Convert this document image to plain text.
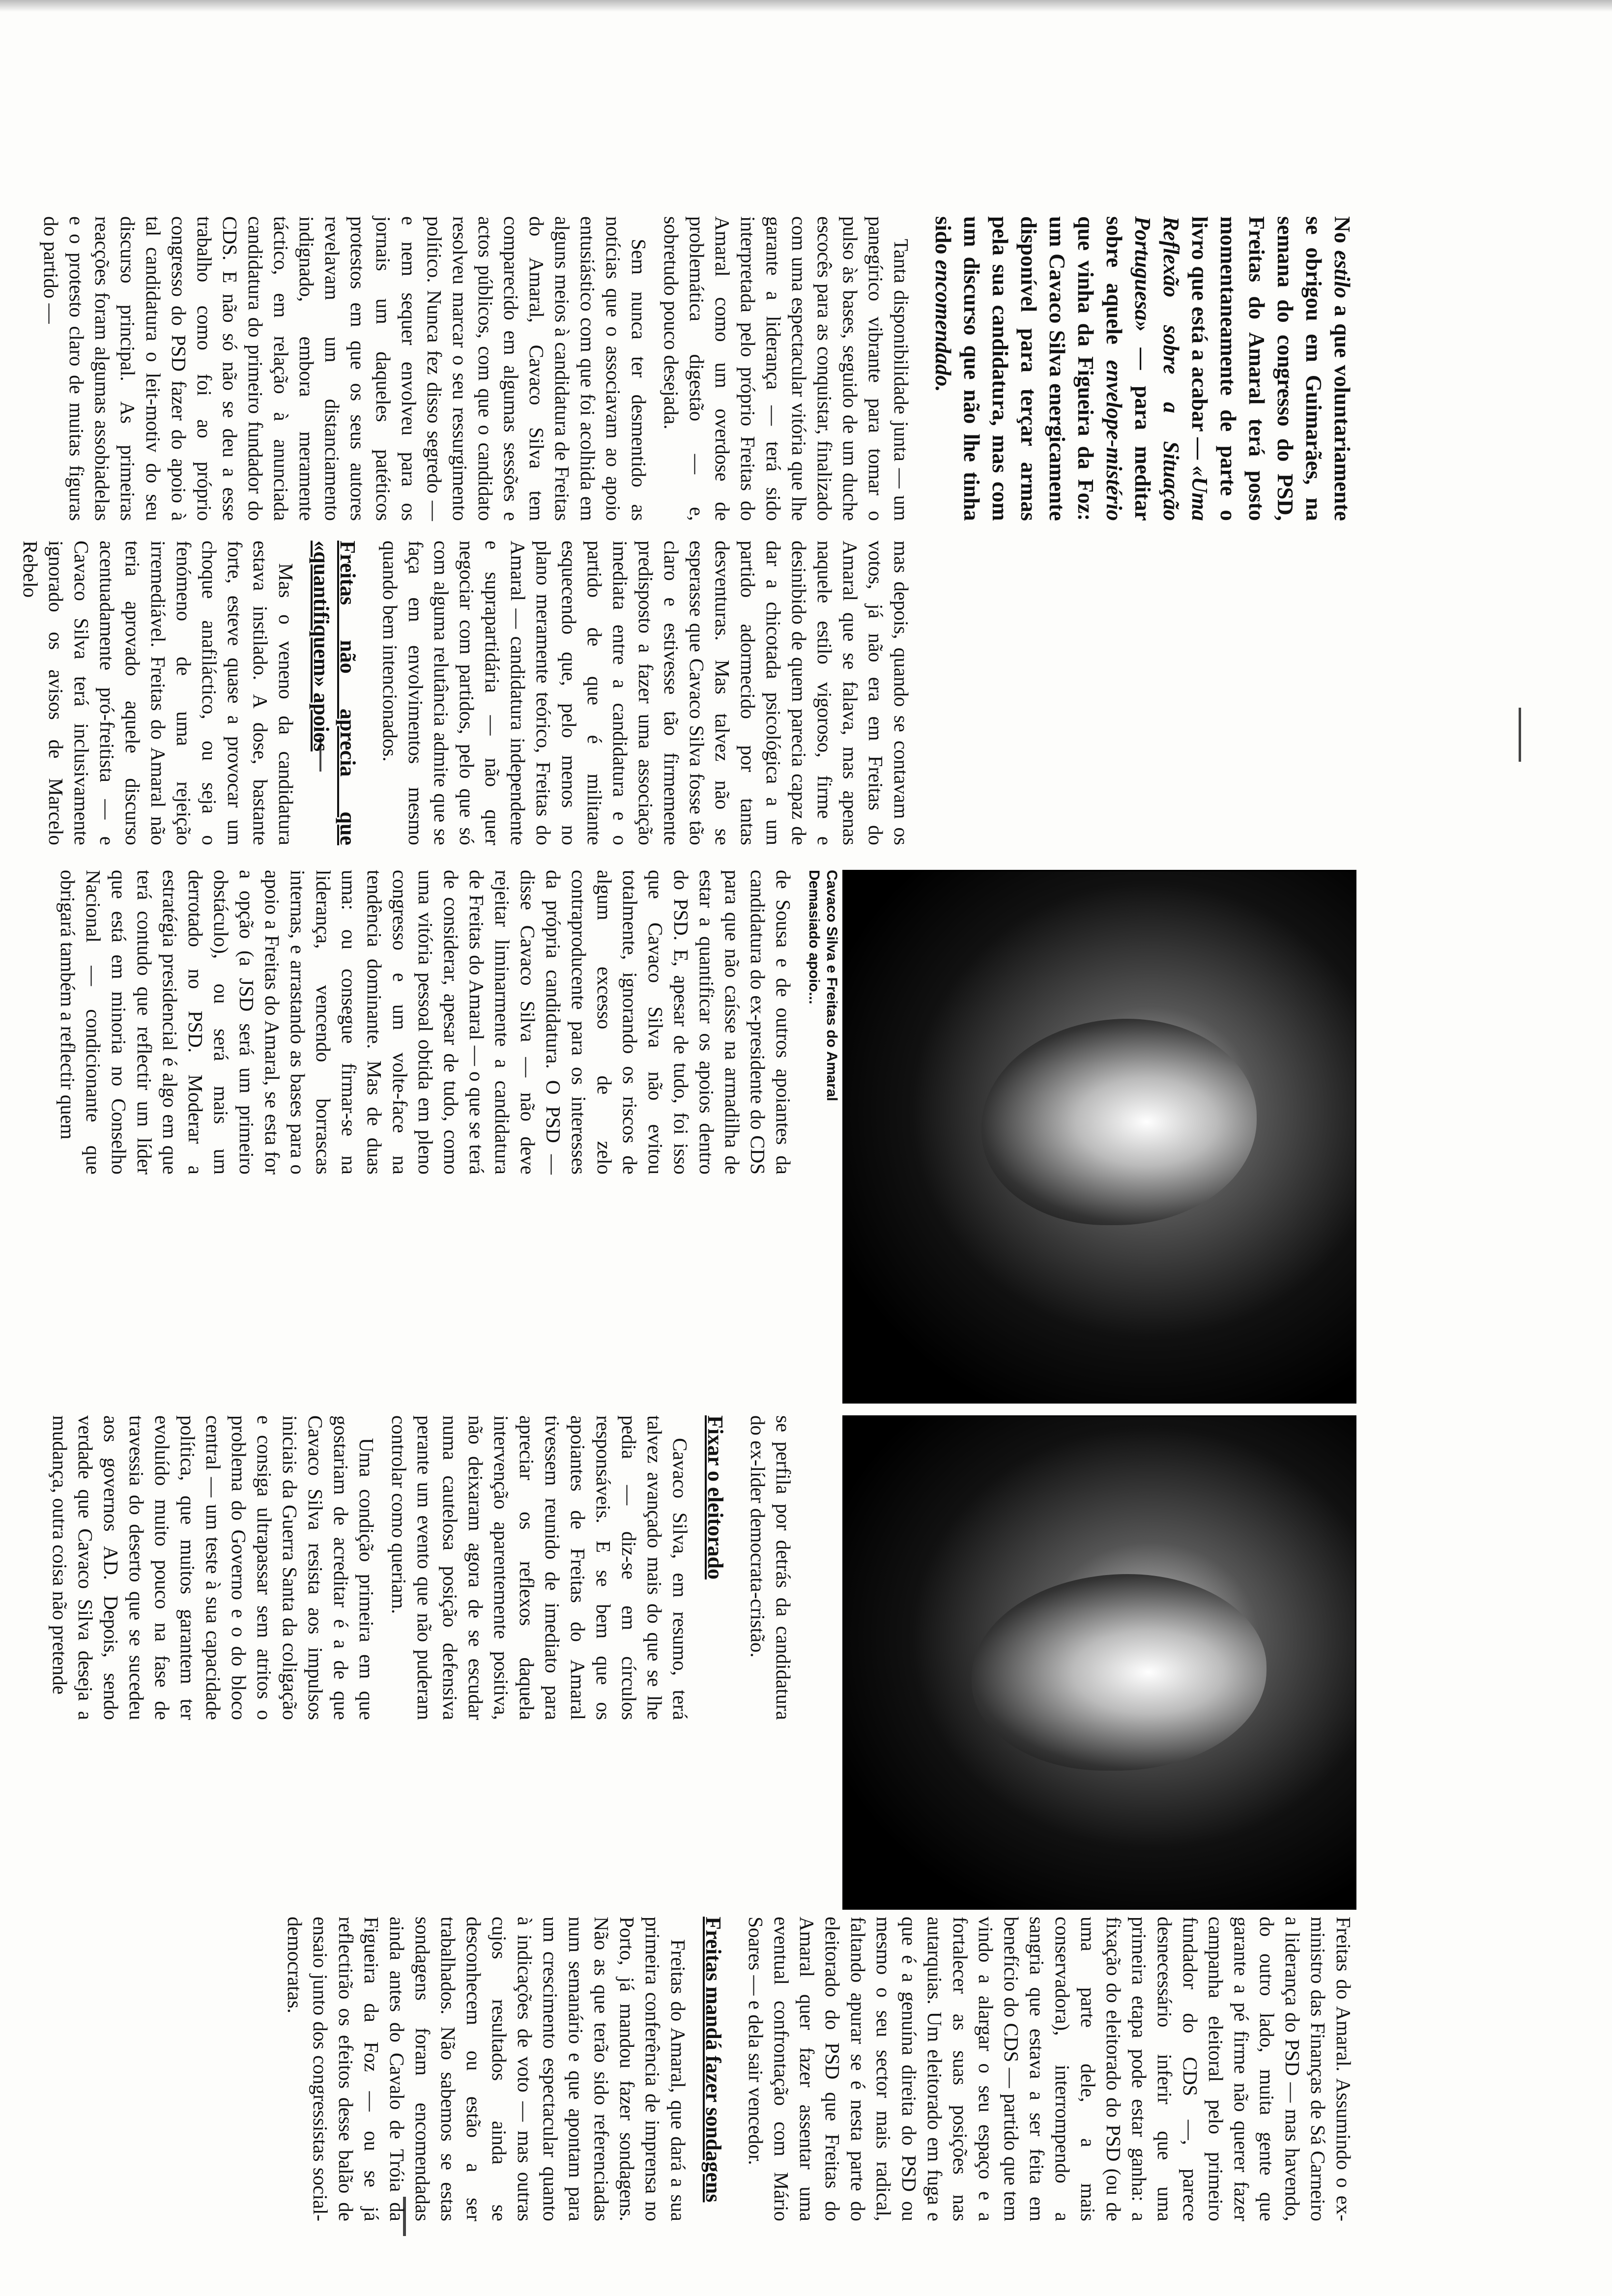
No estilo a que voluntariamente se obrigou em Guimarães, na semana do congresso do PSD, Freitas do Amaral terá posto momentaneamente de parte o livro que está a acabar — «Uma Reflexão sobre a Situação Portuguesa» — para meditar sobre aquele envelope-mistério que vinha da Figueira da Foz: um Cavaco Silva energicamente disponível para terçar armas pela sua candidatura, mas com um discurso que não lhe tinha sido encomendado.

Tanta disponibilidade junta — um panegírico vibrante para tomar o pulso às bases, seguido de um duche escocês para as conquistar, finalizado com uma espectacular vitória que lhe garante a liderança — terá sido interpretada pelo próprio Freitas do Amaral como um overdose de problemática digestão — e, sobretudo pouco desejada.

Sem nunca ter desmentido as notícias que o associavam ao apoio entusiástico com que foi acolhida em alguns meios à candidatura de Freitas do Amaral, Cavaco Silva tem comparecido em algumas sessões e actos públicos, com que o candidato resolveu marcar o seu ressurgimento político. Nunca fez disso segredo — e nem sequer envolveu para os jornais um daqueles patéticos protestos em que os seus autores revelavam um distanciamento indignado, embora meramente táctico, em relação à anunciada candidatura do primeiro fundador do CDS. E não só não se deu a esse trabalho como foi ao próprio congresso do PSD fazer do apoio à tal candidatura o leit-motiv do seu discurso principal. As primeiras reacções foram algumas assobiadelas e o protesto claro de muitas figuras do partido —

mas depois, quando se contavam os votos, já não era em Freitas do Amaral que se falava, mas apenas naquele estilo vigoroso, firme e desinibido de quem parecia capaz de dar a chicotada psicológica a um partido adormecido por tantas desventuras. Mas talvez não se esperasse que Cavaco Silva fosse tão claro e estivesse tão firmemente predisposto a fazer uma associação imediata entre a candidatura e o partido de que é militante esquecendo que, pelo menos no plano meramente teórico, Freitas do Amaral — candidatura independente e suprapartidária — não quer negociar com partidos, pelo que só com alguma relutância admite que se faça em envolvimentos mesmo quando bem intencionados.

Freitas não aprecia que «quantifiquem» apoios

Mas o veneno da candidatura estava instilado. A dose, bastante forte, esteve quase a provocar um choque anafiláctico, ou seja o fenómeno de uma rejeição irremediável. Freitas do Amaral não teria aprovado aquele discurso acentuadamente pró-freitista — e Cavaco Silva terá inclusivamente ignorado os avisos de Marcelo Rebelo

Cavaco Silva e Freitas do Amaral Demasiado apoio...

de Sousa e de outros apoiantes da candidatura do ex-presidente do CDS para que não caísse na armadilha de estar a quantificar os apoios dentro do PSD. E, apesar de tudo, foi isso que Cavaco Silva não evitou totalmente, ignorando os riscos de algum excesso de zelo contraproducente para os interesses da própria candidatura. O PSD — disse Cavaco Silva — não deve rejeitar liminarmente a candidatura de Freitas do Amaral — o que se terá de considerar, apesar de tudo, como uma vitória pessoal obtida em pleno congresso e um volte-face na tendência dominante. Mas de duas uma: ou consegue firmar-se na liderança, vencendo borrascas internas, e arrastando as bases para o apoio a Freitas do Amaral, se esta for a opção (a JSD será um primeiro obstáculo), ou será mais um derrotado no PSD. Moderar a estratégia presidencial é algo em que terá contudo que reflectir um líder que está em minoria no Conselho Nacional — condicionante que obrigará também a reflectir quem

se perfila por detrás da candidatura do ex-líder democrata-cristão.

Fixar o eleitorado

Cavaco Silva, em resumo, terá talvez avançado mais do que se lhe pedia — diz-se em círculos responsáveis. E se bem que os apoiantes de Freitas do Amaral tivessem reunido de imediato para apreciar os reflexos daquela intervenção aparentemente positiva, não deixaram agora de se escudar numa cautelosa posição defensiva perante um evento que não puderam controlar como queriam.

Uma condição primeira em que gostariam de acreditar é a de que Cavaco Silva resista aos impulsos iniciais da Guerra Santa da coligação e consiga ultrapassar sem atritos o problema do Governo e o do bloco central — um teste à sua capacidade política, que muitos garantem ter evoluído muito pouco na fase de travessia do deserto que se sucedeu aos governos AD. Depois, sendo verdade que Cavaco Silva deseja a mudança, outra coisa não pretende

Freitas do Amaral. Assumindo o ex-ministro das Finanças de Sá Carneiro a liderança do PSD — mas havendo, do outro lado, muita gente que garante a pé firme não querer fazer campanha eleitoral pelo primeiro fundador do CDS —, parece desnecessário inferir que uma primeira etapa pode estar ganha: a fixação do eleitorado do PSD (ou de uma parte dele, a mais conservadora), interrompendo a sangria que estava a ser feita em benefício do CDS — partido que tem vindo a alargar o seu espaço e a fortalecer as suas posições nas autarquias. Um eleitorado em fuga e que é a genuína direita do PSD ou mesmo o seu sector mais radical, faltando apurar se é nesta parte do eleitorado do PSD que Freitas do Amaral quer fazer assentar uma eventual confrontação com Mário Soares — e dela sair vencedor.

Freitas mandá fazer sondagens

Freitas do Amaral, que dará a sua primeira conferência de imprensa no Porto, já mandou fazer sondagens. Não as que terão sido referenciadas num semanário e que apontam para um crescimento espectacular quanto à indicações de voto — mas outras cujos resultados ainda se desconhecem ou estão a ser trabalhados. Não sabemos se estas sondagens foram encomendadas ainda antes do Cavalo de Tróia da Figueira da Foz — ou se já reflectirão os efeitos desse balão de ensaio junto dos congressistas social-democratas.
